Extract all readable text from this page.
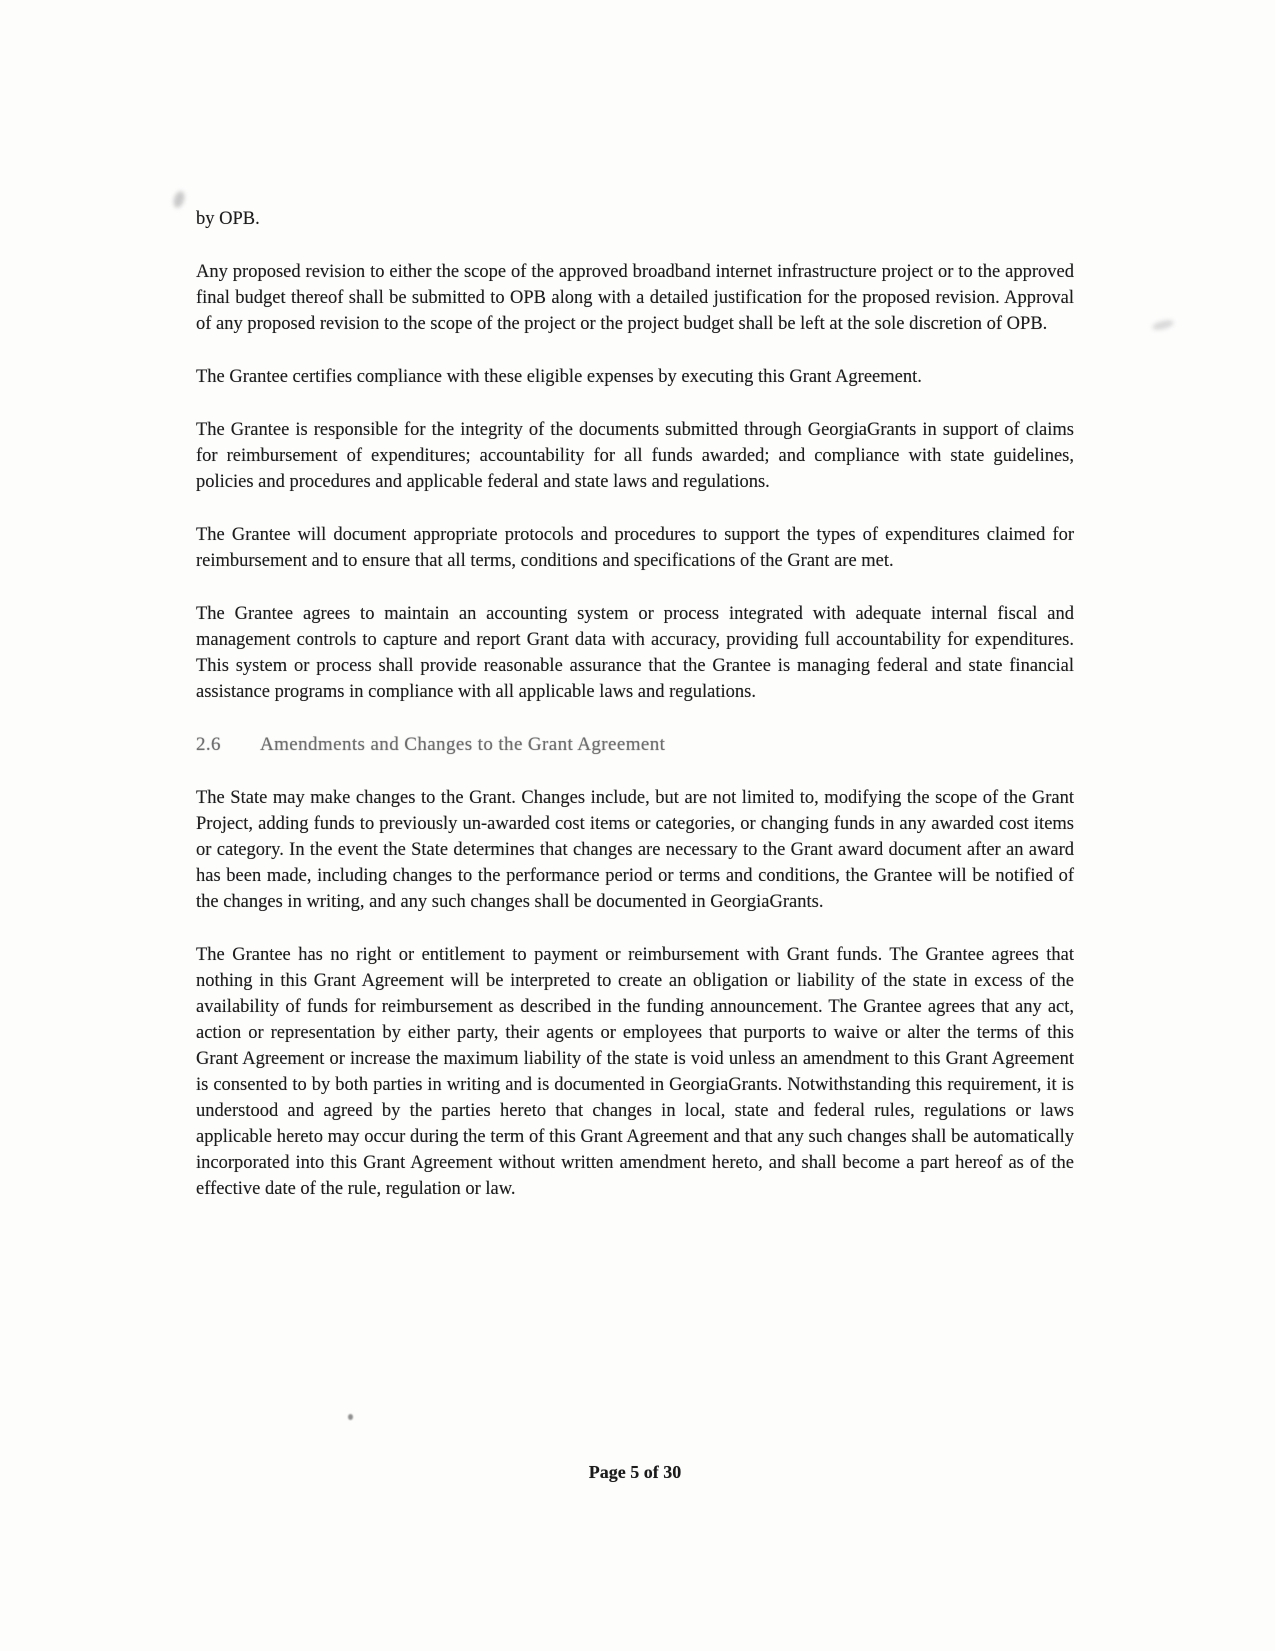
by OPB.

Any proposed revision to either the scope of the approved broadband internet infrastructure project or to the approved final budget thereof shall be submitted to OPB along with a detailed justification for the proposed revision. Approval of any proposed revision to the scope of the project or the project budget shall be left at the sole discretion of OPB.

The Grantee certifies compliance with these eligible expenses by executing this Grant Agreement.

The Grantee is responsible for the integrity of the documents submitted through GeorgiaGrants in support of claims for reimbursement of expenditures; accountability for all funds awarded; and compliance with state guidelines, policies and procedures and applicable federal and state laws and regulations.

The Grantee will document appropriate protocols and procedures to support the types of expenditures claimed for reimbursement and to ensure that all terms, conditions and specifications of the Grant are met.

The Grantee agrees to maintain an accounting system or process integrated with adequate internal fiscal and management controls to capture and report Grant data with accuracy, providing full accountability for expenditures. This system or process shall provide reasonable assurance that the Grantee is managing federal and state financial assistance programs in compliance with all applicable laws and regulations.

2.6 Amendments and Changes to the Grant Agreement

The State may make changes to the Grant. Changes include, but are not limited to, modifying the scope of the Grant Project, adding funds to previously un-awarded cost items or categories, or changing funds in any awarded cost items or category. In the event the State determines that changes are necessary to the Grant award document after an award has been made, including changes to the performance period or terms and conditions, the Grantee will be notified of the changes in writing, and any such changes shall be documented in GeorgiaGrants.

The Grantee has no right or entitlement to payment or reimbursement with Grant funds. The Grantee agrees that nothing in this Grant Agreement will be interpreted to create an obligation or liability of the state in excess of the availability of funds for reimbursement as described in the funding announcement. The Grantee agrees that any act, action or representation by either party, their agents or employees that purports to waive or alter the terms of this Grant Agreement or increase the maximum liability of the state is void unless an amendment to this Grant Agreement is consented to by both parties in writing and is documented in GeorgiaGrants. Notwithstanding this requirement, it is understood and agreed by the parties hereto that changes in local, state and federal rules, regulations or laws applicable hereto may occur during the term of this Grant Agreement and that any such changes shall be automatically incorporated into this Grant Agreement without written amendment hereto, and shall become a part hereof as of the effective date of the rule, regulation or law.

Page 5 of 30
